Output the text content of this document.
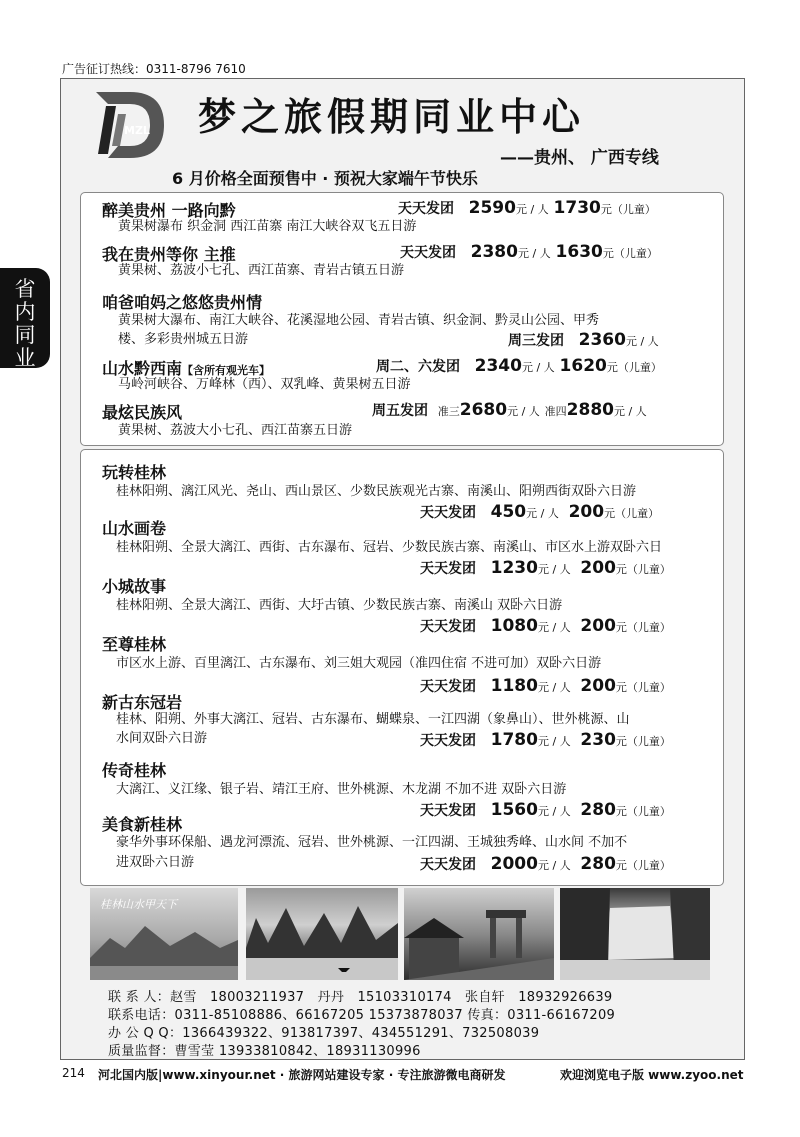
广告征订热线：0311-8796 7610
省
内
同
业
MZL 梦之旅假期同业中心
——贵州、 广西专线
6 月价格全面预售中 · 预祝大家端午节快乐
醉美贵州 一路向黔	天天发团 2590元 / 人 1730元（儿童）
黄果树瀑布 织金洞 西江苗寨 南江大峡谷双飞五日游
我在贵州等你 主推	天天发团 2380元 / 人 1630元（儿童）
黄果树、荔波小七孔、西江苗寨、青岩古镇五日游
咱爸咱妈之悠悠贵州情
黄果树大瀑布、南江大峡谷、花溪湿地公园、青岩古镇、织金洞、黔灵山公园、甲秀
楼、多彩贵州城五日游	周三发团 2360元 / 人
山水黔西南【含所有观光车】	周二、六发团 2340元 / 人 1620元（儿童）
马岭河峡谷、万峰林（西）、双乳峰、黄果树五日游
最炫民族风	周五发团 准三2680元 / 人 准四2880元 / 人
黄果树、荔波大小七孔、西江苗寨五日游
玩转桂林
桂林阳朔、漓江风光、尧山、西山景区、少数民族观光古寨、南溪山、阳朔西街双卧六日游
天天发团 450元 / 人 200元（儿童）
山水画卷
桂林阳朔、全景大漓江、西街、古东瀑布、冠岩、少数民族古寨、南溪山、市区水上游双卧六日
天天发团 1230元 / 人 200元（儿童）
小城故事
桂林阳朔、全景大漓江、西街、大圩古镇、少数民族古寨、南溪山 双卧六日游
天天发团 1080元 / 人 200元（儿童）
至尊桂林
市区水上游、百里漓江、古东瀑布、刘三姐大观园（准四住宿 不进可加）双卧六日游
天天发团 1180元 / 人 200元（儿童）
新古东冠岩
桂林、阳朔、外事大漓江、冠岩、古东瀑布、蝴蝶泉、一江四湖（象鼻山）、世外桃源、山
水间双卧六日游	天天发团 1780元 / 人 230元（儿童）
传奇桂林
大漓江、义江缘、银子岩、靖江王府、世外桃源、木龙湖 不加不进 双卧六日游
天天发团 1560元 / 人 280元（儿童）
美食新桂林
豪华外事环保船、遇龙河漂流、冠岩、世外桃源、一江四湖、王城独秀峰、山水间 不加不
进双卧六日游	天天发团 2000元 / 人 280元（儿童）
桂林山水甲天下
联 系 人：赵雪　18003211937　丹丹　15103310174　张自轩　18932926639
联系电话：0311-85108886、66167205 15373878037 传真：0311-66167209
办 公 Q Q：1366439322、913817397、434551291、732508039
质量监督：曹雪莹 13933810842、18931130996
214 河北国内版|www.xinyour.net · 旅游网站建设专家 · 专注旅游微电商研发	欢迎浏览电子版 www.zyoo.net
